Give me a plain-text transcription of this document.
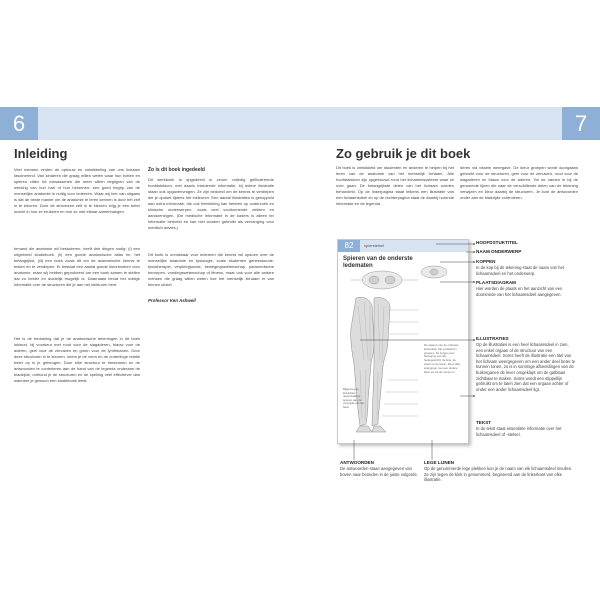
6
Inleiding

Veel mensen vinden de opbouw en ontwikkeling van ons lichaam fascinerend. Van kinderen die graag willen weten waar hun botten en spieren zitten tot volwassenen die meer willen begrijpen van de werking van hun hart of hun hersenen: een goed begrip van de menselijke anatomie is nuttig voor iedereen. Waar wij hier van uitgaan is dat de beste manier om de anatomie te leren kennen is door het zelf in te kleuren. Door de structuren zelf in te kleuren krijg je een beter inzicht in hoe ze eruitzien en hoe ze met elkaar samenhangen.

Iemand die anatomie wil bestuderen, heeft drie dingen nodig: (i) een uitgebreid studieboek, (ii) een goede anatomische atlas en, het belangrijkst, (iii) een boek zoals dit om de anatomische kennis te testen en te verdiepen. Er bestaat een aantal goede kleurboeken voor anatomie, maar wij hebben geprobeerd om een boek samen te stellen dat zo helder en duidelijk mogelijk is. Daarnaast bevat het nuttige informatie over de structuren die je aan het inkleuren bent.

Het is de bedoeling dat je de anatomische tekeningen in dit boek inkleurt, bij voorkeur met rood voor de slagaderen, blauw voor de aderen, geel voor de zenuwen en groen voor de lymfebanen. Door deze structuren in te kleuren, neem je de vorm en de onderlinge relatie beter op in je geheugen. Door elke structuur te herkennen en de antwoorden te controleren aan de hand van de legenda onderaan de bladzijde, onthoud je de structuren en de spelling veel effectiever dan wanneer je gewoon een studieboek leest.

Zo is dit boek ingedeeld

Dit werkboek is opgedeeld in zeven volledig geïllustreerde hoofdstukken, met daarin inleidende informatie, bij iedere illustratie staan ook opgavenvragen. Ze zijn bedoeld om de kennis te verdiepen die je opdoet tijdens het inkleuren. Een aantal illustraties is gekoppeld aan extra informatie, die ook betrekking kan hebben op onderzoek en klinische onderwerpen, zoals veel voorkomende ziekten en aandoeningen. (De medische informatie in de kaders is alleen ter informatie bedoeld en kan niet worden gebruikt als vervanging voor medisch advies.)

Dit boek is onmisbaar voor iedereen die kennis wil opdoen over de menselijke anatomie en fysiologie, zoals studenten geneeskunde, fysiotherapie, verpleegkunde, bewegingswetenschap, paramedische beroepen, voedingswetenschap of fitness, maar ook voor alle andere mensen die graag willen weten hoe het menselijk lichaam er van binnen uitziet.

Professor Ken Ashwell

7
Zo gebruik je dit boek

Dit boek is ontwikkeld om studenten en anderen te helpen bij het leren van de anatomie van het menselijk lichaam. Alle hoofdstukken zijn opgebouwd rond het lichaamssysteem waar ze over gaan. De belangrijkste delen van het lichaam worden behandeld. Op de linkerpagina staat telkens een illustratie van een lichaamsdeel en op de rechterpagina staat de daarbij horende informatie en de legenda.

deren via vissele weergave. De kleur groepen wordt doorgaans gebruikt voor de structuren, geel voor de zenuwen, rood voor de slagaderen en blauw voor de aderen. Vul de namen in bij de genoemde lijnen die naar de verschillende delen van de tekening verwijzen en kleur daarbij de structuren. Je kunt de antwoorden onder aan de bladzijde controleren.

82	spierstelsel
Spieren van de onderste ledematen
De spieren van de onderste ledematen zijn verdeeld in groepen. Ze zorgen voor beweging van het heupgewricht, de knie, de enkel en de tenen. Kleur elke spiergroep met een andere kleur en vul de namen in.
Bijgevoegde illustraties: oppervlakkige spieren aan de voorzijde van het been
HOOFDSTUKTITEL
NAAM ONDERWERP
KOPPEN
In de kop bij de tekening staat de naam van het lichaamsdeel en het onderwerp.
PLAATSDIAGRAM
Hier worden de plaats en het aanzicht van een doorsnede van het lichaamsdeel aangegeven.
ILLUSTRATIES
Op de illustraties is een heel lichaamsdeel in zien, een enkel orgaan of de structuur van een lichaamsdeel. Soms heeft de illustratie een titel van het lichaam weergegeven om een ander deel beter te kunnen tonen, zo is in sommige afbeeldingen van de buikorganen de lever omgeklapt om de galblaas zichtbaar te maken. Soms wordt een stippellijn gebruikt om te laten zien dat een orgaan achter of onder een ander lichaamsdeel ligt.
TEKST
In de tekst staat essentiële informatie over het lichaamsdeel of -stelsel.
ANTWOORDEN
De antwoorden staan aangegeven van boven naar beneden in de juiste volgorde.
LEGE LIJNEN
Op de genummerde lege plekken kun je de naam van elk lichaamsdeel invullen. Ze zijn tegen de klok in genummerd, beginnend aan de linkerkant van elke illustratie.
